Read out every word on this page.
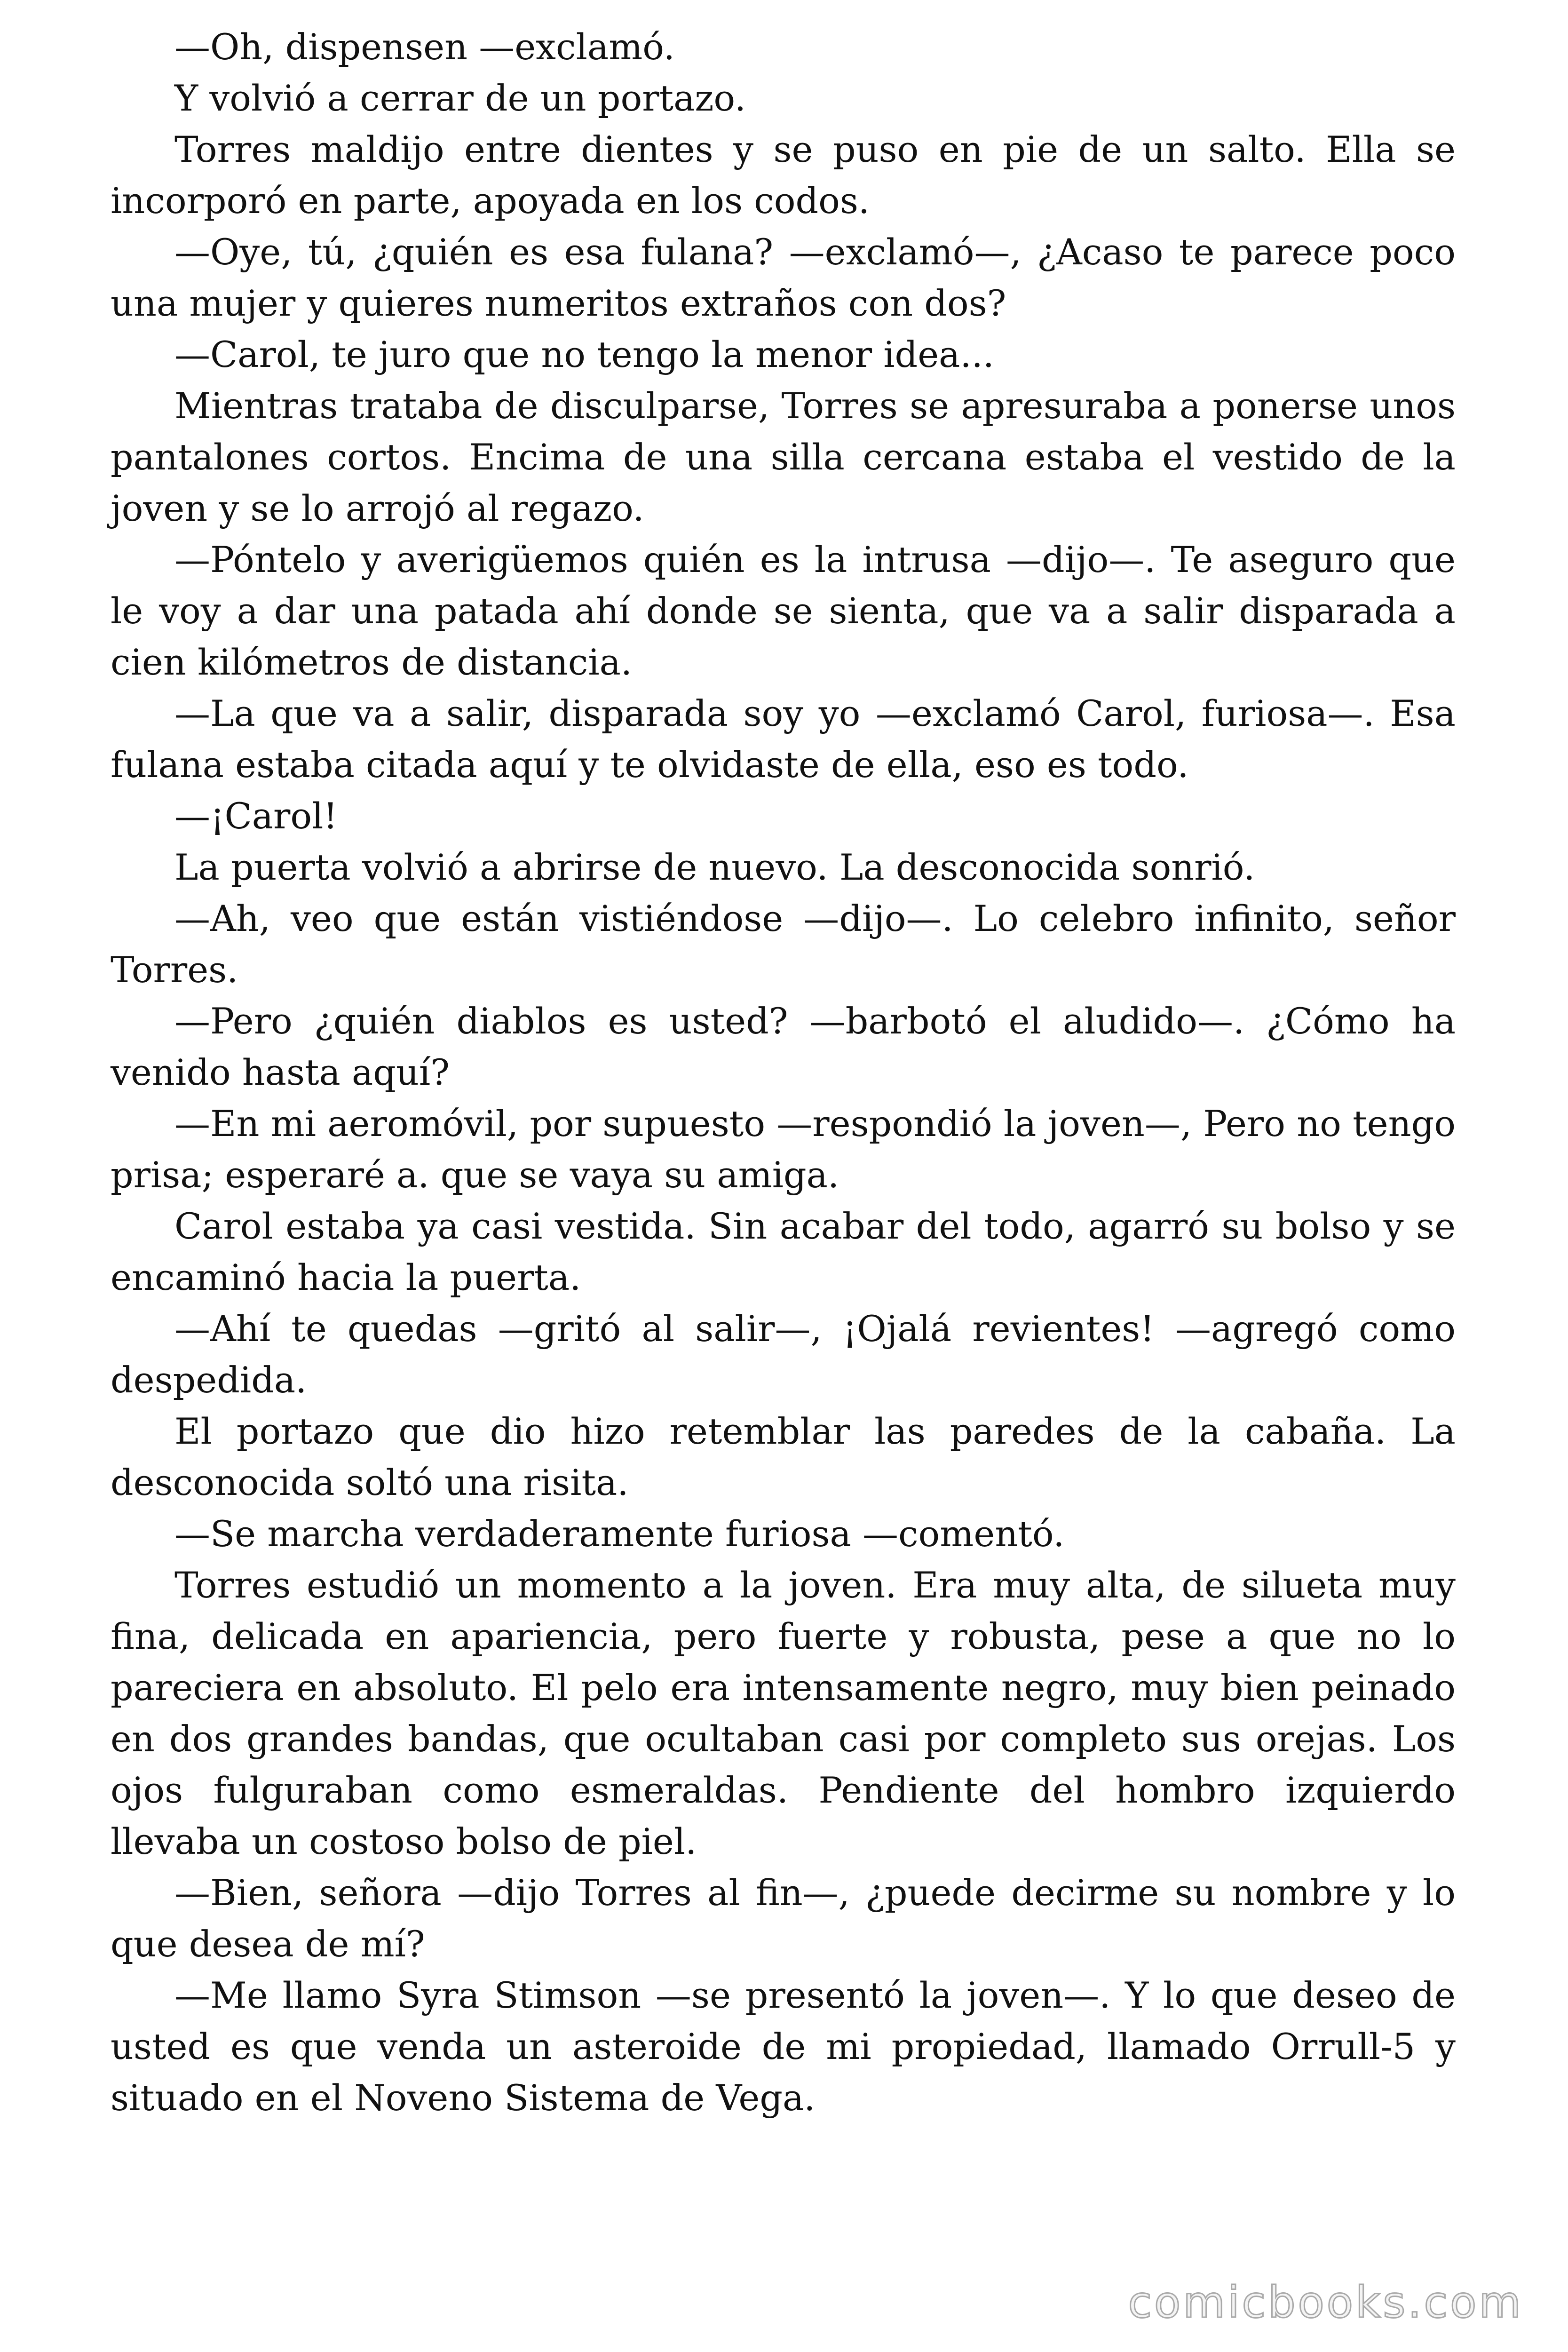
—Oh, dispensen —exclamó.

Y volvió a cerrar de un portazo.

Torres maldijo entre dientes y se puso en pie de un salto. Ella se incorporó en parte, apoyada en los codos.

—Oye, tú, ¿quién es esa fulana? —exclamó—, ¿Acaso te parece poco una mujer y quieres numeritos extraños con dos?

—Carol, te juro que no tengo la menor idea...

Mientras trataba de disculparse, Torres se apresuraba a ponerse unos pantalones cortos. Encima de una silla cercana estaba el vestido de la joven y se lo arrojó al regazo.

—Póntelo y averigüemos quién es la intrusa —dijo—. Te aseguro que le voy a dar una patada ahí donde se sienta, que va a salir disparada a cien kilómetros de distancia.

—La que va a salir, disparada soy yo —exclamó Carol, furiosa—. Esa fulana estaba citada aquí y te olvidaste de ella, eso es todo.

—¡Carol!

La puerta volvió a abrirse de nuevo. La desconocida sonrió.

—Ah, veo que están vistiéndose —dijo—. Lo celebro infinito, señor Torres.

—Pero ¿quién diablos es usted? —barbotó el aludido—. ¿Cómo ha venido hasta aquí?

—En mi aeromóvil, por supuesto —respondió la joven—, Pero no tengo prisa; esperaré a. que se vaya su amiga.

Carol estaba ya casi vestida. Sin acabar del todo, agarró su bolso y se encaminó hacia la puerta.

—Ahí te quedas —gritó al salir—, ¡Ojalá revientes! —agregó como despedida.

El portazo que dio hizo retemblar las paredes de la cabaña. La desconocida soltó una risita.

—Se marcha verdaderamente furiosa —comentó.

Torres estudió un momento a la joven. Era muy alta, de silueta muy fina, delicada en apariencia, pero fuerte y robusta, pese a que no lo pareciera en absoluto. El pelo era intensamente negro, muy bien peinado en dos grandes bandas, que ocultaban casi por completo sus orejas. Los ojos fulguraban como esmeraldas. Pendiente del hombro izquierdo llevaba un costoso bolso de piel.

—Bien, señora —dijo Torres al fin—, ¿puede decirme su nombre y lo que desea de mí?

—Me llamo Syra Stimson —se presentó la joven—. Y lo que deseo de usted es que venda un asteroide de mi propiedad, llamado Orrull-5 y situado en el Noveno Sistema de Vega.

comicbooks.com
